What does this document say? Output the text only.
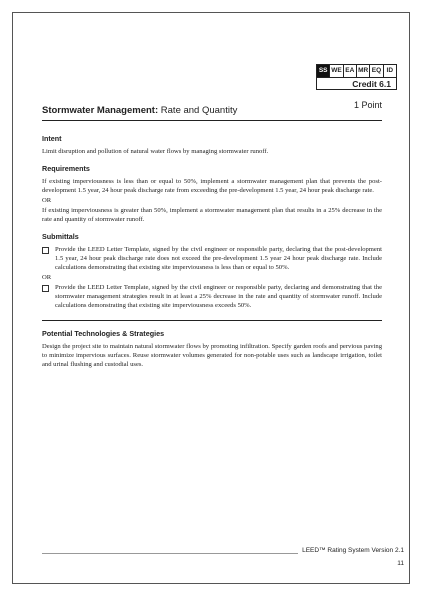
SS WE EA MR EQ ID
Credit 6.1
Stormwater Management: Rate and Quantity	1 Point
Intent

Limit disruption and pollution of natural water flows by managing stormwater runoff.

Requirements

If existing imperviousness is less than or equal to 50%, implement a stormwater management plan that prevents the post-development 1.5 year, 24 hour peak discharge rate from exceeding the pre-development 1.5 year, 24 hour peak discharge rate.

OR

If existing imperviousness is greater than 50%, implement a stormwater management plan that results in a 25% decrease in the rate and quantity of stormwater runoff.

Submittals
Provide the LEED Letter Template, signed by the civil engineer or responsible party, declaring that the post-development 1.5 year, 24 hour peak discharge rate does not exceed the pre-development 1.5 year 24 hour peak discharge rate. Include calculations demonstrating that existing site imperviousness is less than or equal to 50%.
OR
Provide the LEED Letter Template, signed by the civil engineer or responsible party, declaring and demonstrating that the stormwater management strategies result in at least a 25% decrease in the rate and quantity of stormwater runoff. Include calculations demonstrating that existing site imperviousness exceeds 50%.
Potential Technologies & Strategies

Design the project site to maintain natural stormwater flows by promoting infiltration. Specify garden roofs and pervious paving to minimize impervious surfaces. Reuse stormwater volumes generated for non-potable uses such as landscape irrigation, toilet and urinal flushing and custodial uses.

LEED™ Rating System Version 2.1
11
